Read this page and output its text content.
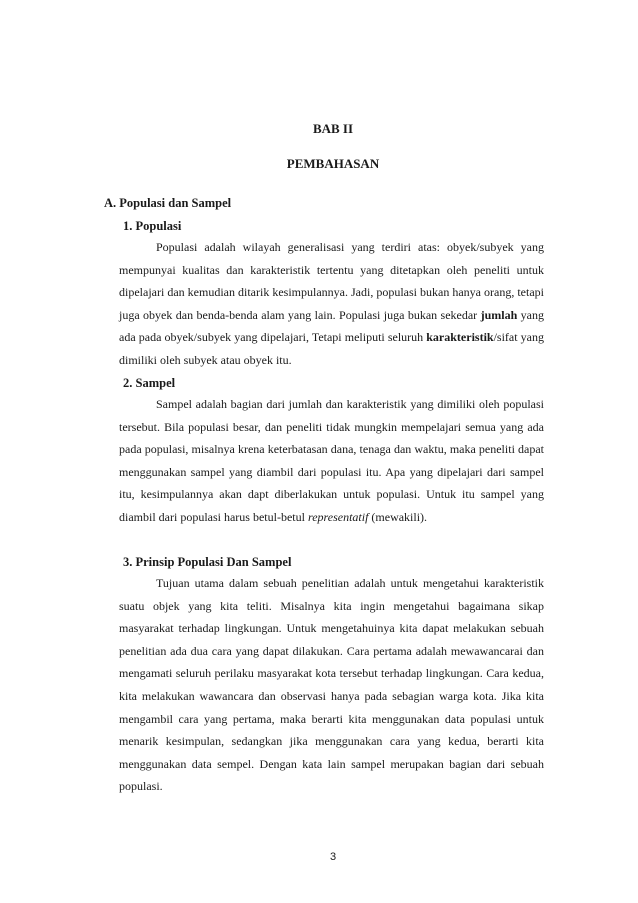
BAB II
PEMBAHASAN
A. Populasi dan Sampel
1. Populasi

Populasi adalah wilayah generalisasi yang terdiri atas: obyek/subyek yang mempunyai kualitas dan karakteristik tertentu yang ditetapkan oleh peneliti untuk dipelajari dan kemudian ditarik kesimpulannya. Jadi, populasi bukan hanya orang, tetapi juga obyek dan benda-benda alam yang lain. Populasi juga bukan sekedar jumlah yang ada pada obyek/subyek yang dipelajari, Tetapi meliputi seluruh karakteristik/sifat yang dimiliki oleh subyek atau obyek itu.

2. Sampel

Sampel adalah bagian dari jumlah dan karakteristik yang dimiliki oleh populasi tersebut. Bila populasi besar, dan peneliti tidak mungkin mempelajari semua yang ada pada populasi, misalnya krena keterbatasan dana, tenaga dan waktu, maka peneliti dapat menggunakan sampel yang diambil dari populasi itu. Apa yang dipelajari dari sampel itu, kesimpulannya akan dapt diberlakukan untuk populasi. Untuk itu sampel yang diambil dari populasi harus betul-betul representatif (mewakili).

3. Prinsip Populasi Dan Sampel

Tujuan utama dalam sebuah penelitian adalah untuk mengetahui karakteristik suatu objek yang kita teliti. Misalnya kita ingin mengetahui bagaimana sikap masyarakat terhadap lingkungan. Untuk mengetahuinya kita dapat melakukan sebuah penelitian ada dua cara yang dapat dilakukan. Cara pertama adalah mewawancarai dan mengamati seluruh perilaku masyarakat kota tersebut terhadap lingkungan. Cara kedua, kita melakukan wawancara dan observasi hanya pada sebagian warga kota. Jika kita mengambil cara yang pertama, maka berarti kita menggunakan data populasi untuk menarik kesimpulan, sedangkan jika menggunakan cara yang kedua, berarti kita menggunakan data sempel. Dengan kata lain sampel merupakan bagian dari sebuah populasi.

3
